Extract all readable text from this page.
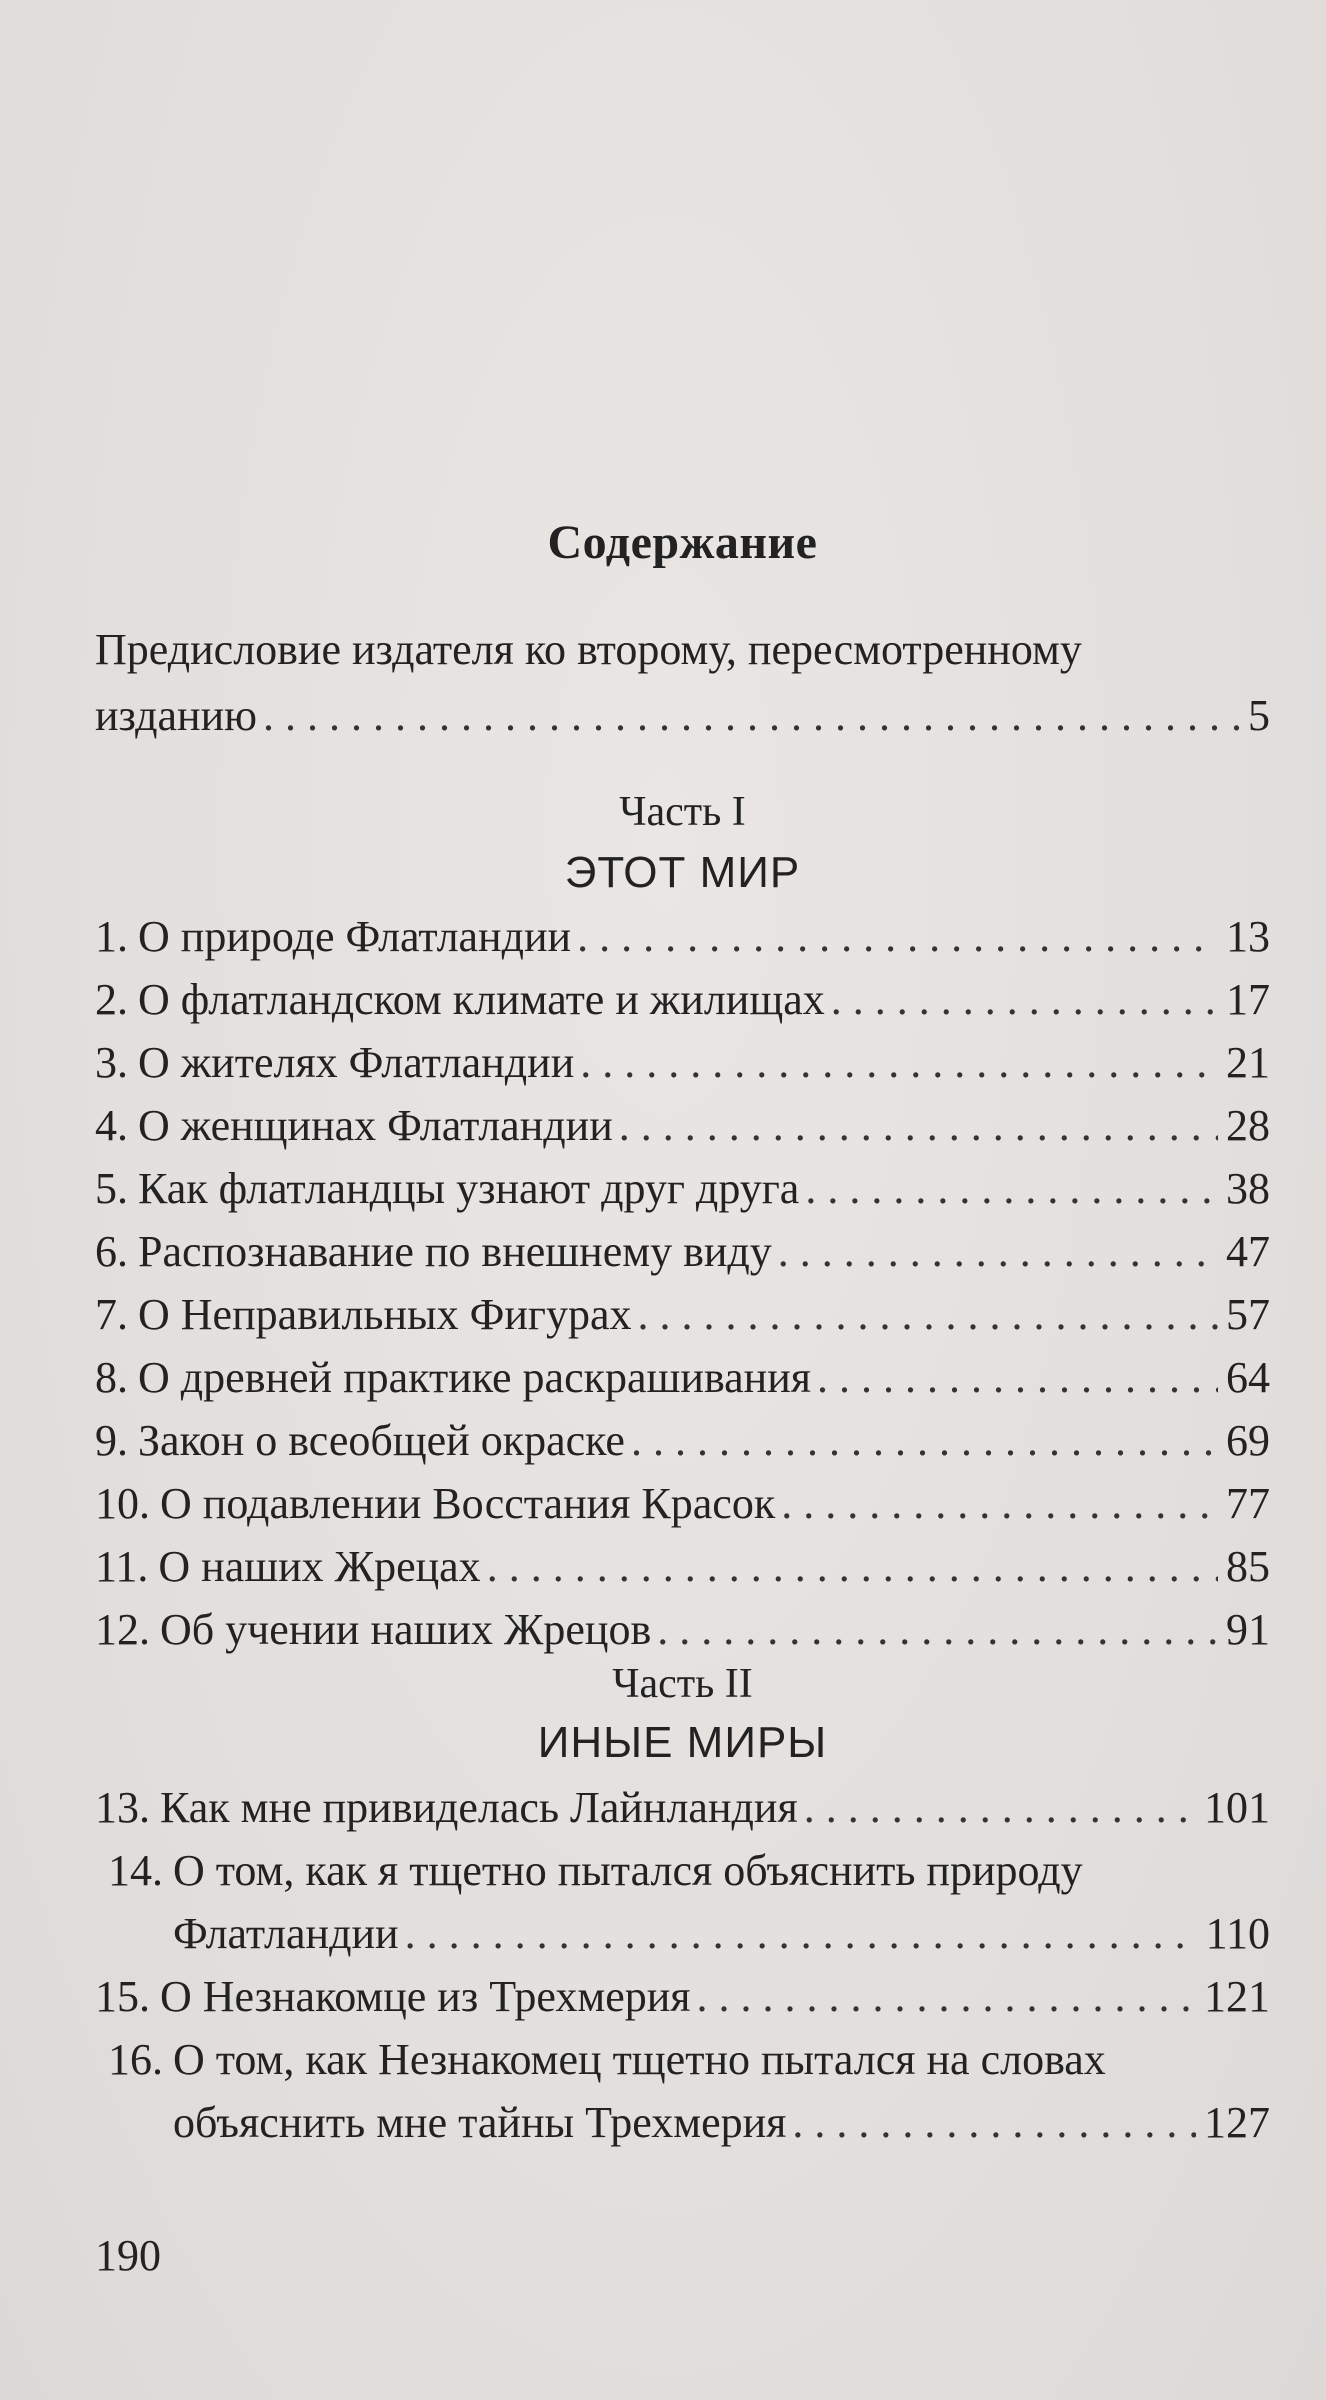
Содержание
Предисловие издателя ко второму, пересмотренному
изданию . . .	5
Часть I
ЭТОТ МИР
1. О природе Флатландии . . .	13
2. О флатландском климате и жилищах . . .	17
3. О жителях Флатландии . . .	21
4. О женщинах Флатландии . . .	28
5. Как флатландцы узнают друг друга . . .	38
6. Распознавание по внешнему виду . . .	47
7. О Неправильных Фигурах . . .	57
8. О древней практике раскрашивания . . .	64
9. Закон о всеобщей окраске . . .	69
10. О подавлении Восстания Красок . . .	77
11. О наших Жрецах . . .	85
12. Об учении наших Жрецов . . .	91
Часть II
ИНЫЕ МИРЫ
13. Как мне привиделась Лайнландия . . .	101
14. О том, как я тщетно пытался объяснить природу
Флатландии . . .	110
15. О Незнакомце из Трехмерия . . .	121
16. О том, как Незнакомец тщетно пытался на словах
объяснить мне тайны Трехмерия . . .	127
190
